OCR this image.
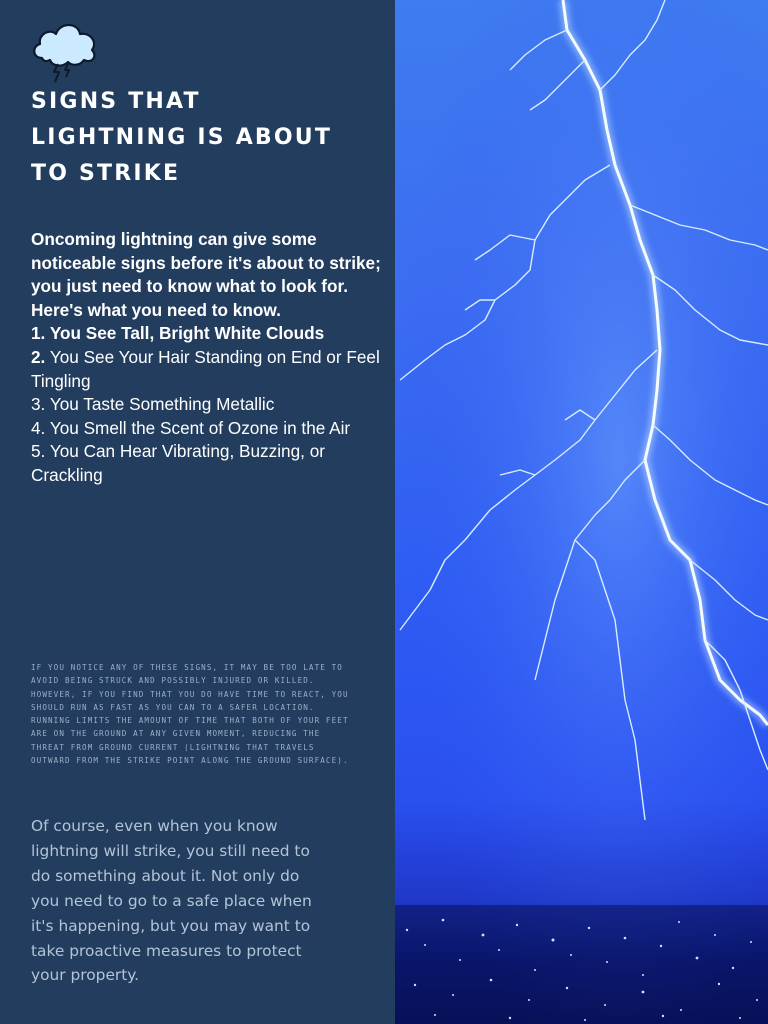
SIGNS THAT
LIGHTNING IS ABOUT
TO STRIKE

Oncoming lightning can give some noticeable signs before it's about to strike; you just need to know what to look for. Here's what you need to know.

1. You See Tall, Bright White Clouds
2. You See Your Hair Standing on End or Feel Tingling
3. You Taste Something Metallic
4. You Smell the Scent of Ozone in the Air
5. You Can Hear Vibrating, Buzzing, or Crackling

IF YOU NOTICE ANY OF THESE SIGNS, IT MAY BE TOO LATE TO AVOID BEING STRUCK AND POSSIBLY INJURED OR KILLED. HOWEVER, IF YOU FIND THAT YOU DO HAVE TIME TO REACT, YOU SHOULD RUN AS FAST AS YOU CAN TO A SAFER LOCATION. RUNNING LIMITS THE AMOUNT OF TIME THAT BOTH OF YOUR FEET ARE ON THE GROUND AT ANY GIVEN MOMENT, REDUCING THE THREAT FROM GROUND CURRENT (LIGHTNING THAT TRAVELS OUTWARD FROM THE STRIKE POINT ALONG THE GROUND SURFACE).

Of course, even when you know lightning will strike, you still need to do something about it. Not only do you need to go to a safe place when it's happening, but you may want to take proactive measures to protect your property.
